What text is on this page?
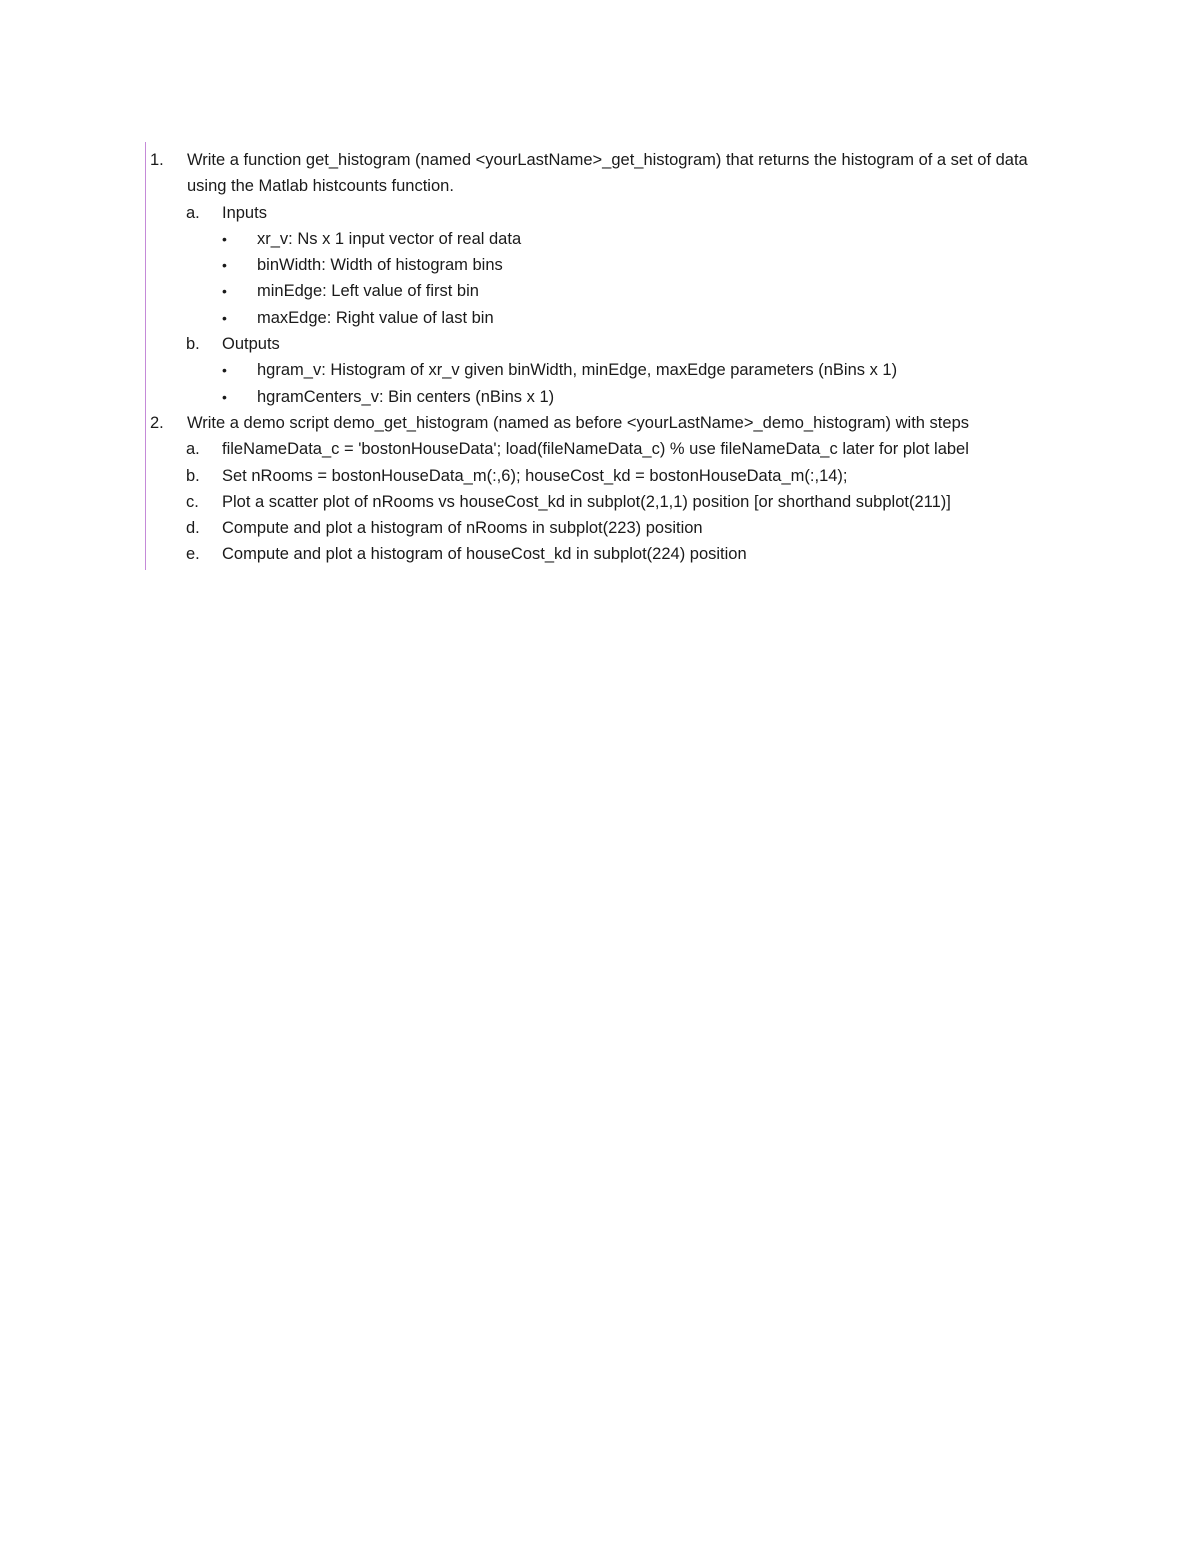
1. Write a function get_histogram (named <yourLastName>_get_histogram) that returns the histogram of a set of data using the Matlab histcounts function.
a. Inputs
• xr_v: Ns x 1 input vector of real data
• binWidth: Width of histogram bins
• minEdge: Left value of first bin
• maxEdge: Right value of last bin
b. Outputs
• hgram_v: Histogram of xr_v given binWidth, minEdge, maxEdge parameters (nBins x 1)
• hgramCenters_v: Bin centers (nBins x 1)
2. Write a demo script demo_get_histogram (named as before <yourLastName>_demo_histogram) with steps
a. fileNameData_c = 'bostonHouseData'; load(fileNameData_c) % use fileNameData_c later for plot label
b. Set nRooms = bostonHouseData_m(:,6); houseCost_kd = bostonHouseData_m(:,14);
c. Plot a scatter plot of nRooms vs houseCost_kd in subplot(2,1,1) position [or shorthand subplot(211)]
d. Compute and plot a histogram of nRooms in subplot(223) position
e. Compute and plot a histogram of houseCost_kd in subplot(224) position
